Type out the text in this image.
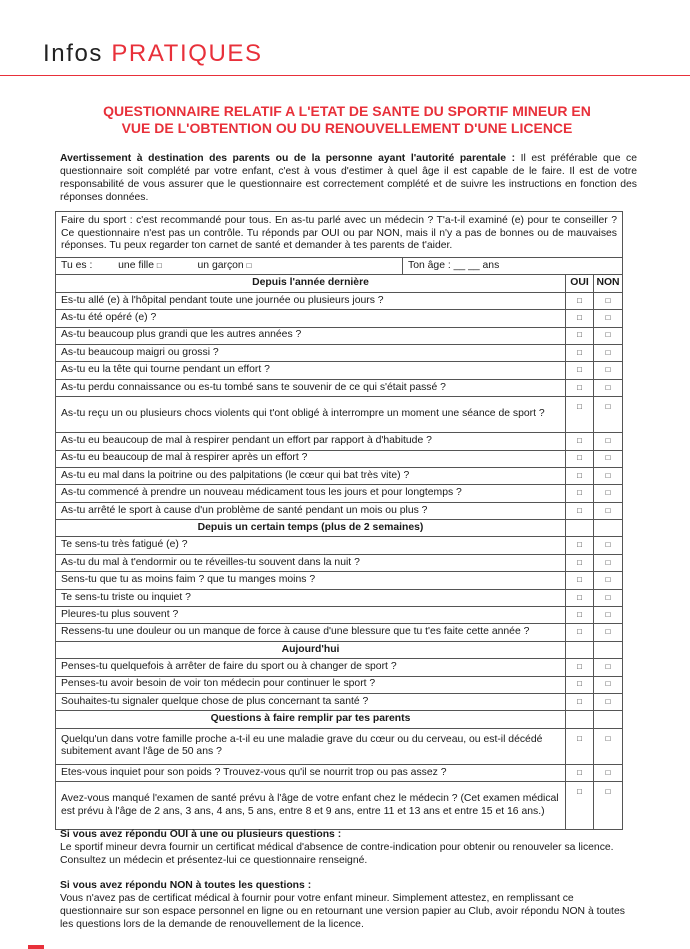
Infos PRATIQUES
QUESTIONNAIRE RELATIF A L'ETAT DE SANTE DU SPORTIF MINEUR EN
VUE DE L'OBTENTION OU DU RENOUVELLEMENT D'UNE LICENCE
Avertissement à destination des parents ou de la personne ayant l'autorité parentale : Il est préférable que ce questionnaire soit complété par votre enfant, c'est à vous d'estimer à quel âge il est capable de le faire. Il est de votre responsabilité de vous assurer que le questionnaire est correctement complété et de suivre les instructions en fonction des réponses données.
Faire du sport : c'est recommandé pour tous. En as-tu parlé avec un médecin ? T'a-t-il examiné (e) pour te conseiller ? Ce questionnaire n'est pas un contrôle. Tu réponds par OUI ou par NON, mais il n'y a pas de bonnes ou de mauvaises réponses. Tu peux regarder ton carnet de santé et demander à tes parents de t'aider.			
Tu es : une fille □ un garçon □	Ton âge : __ __ ans		
Depuis l'année dernière		OUI	NON
Es-tu allé (e) à l'hôpital pendant toute une journée ou plusieurs jours ?		□	□
As-tu été opéré (e) ?		□	□
As-tu beaucoup plus grandi que les autres années ?		□	□
As-tu beaucoup maigri ou grossi ?		□	□
As-tu eu la tête qui tourne pendant un effort ?		□	□
As-tu perdu connaissance ou es-tu tombé sans te souvenir de ce qui s'était passé ?		□	□
As-tu reçu un ou plusieurs chocs violents qui t'ont obligé à interrompre un moment une séance de sport ?		□	□
As-tu eu beaucoup de mal à respirer pendant un effort par rapport à d'habitude ?		□	□
As-tu eu beaucoup de mal à respirer après un effort ?		□	□
As-tu eu mal dans la poitrine ou des palpitations (le cœur qui bat très vite) ?		□	□
As-tu commencé à prendre un nouveau médicament tous les jours et pour longtemps ?		□	□
As-tu arrêté le sport à cause d'un problème de santé pendant un mois ou plus ?		□	□
Depuis un certain temps (plus de 2 semaines)			
Te sens-tu très fatigué (e) ?		□	□
As-tu du mal à t'endormir ou te réveilles-tu souvent dans la nuit ?		□	□
Sens-tu que tu as moins faim ? que tu manges moins ?		□	□
Te sens-tu triste ou inquiet ?		□	□
Pleures-tu plus souvent ?		□	□
Ressens-tu une douleur ou un manque de force à cause d'une blessure que tu t'es faite cette année ?		□	□
Aujourd'hui			
Penses-tu quelquefois à arrêter de faire du sport ou à changer de sport ?		□	□
Penses-tu avoir besoin de voir ton médecin pour continuer le sport ?		□	□
Souhaites-tu signaler quelque chose de plus concernant ta santé ?		□	□
Questions à faire remplir par tes parents			
Quelqu'un dans votre famille proche a-t-il eu une maladie grave du cœur ou du cerveau, ou est-il décédé subitement avant l'âge de 50 ans ?		□	□
Etes-vous inquiet pour son poids ? Trouvez-vous qu'il se nourrit trop ou pas assez ?		□	□
Avez-vous manqué l'examen de santé prévu à l'âge de votre enfant chez le médecin ? (Cet examen médical est prévu à l'âge de 2 ans, 3 ans, 4 ans, 5 ans, entre 8 et 9 ans, entre 11 et 13 ans et entre 15 et 16 ans.)		□	□
Si vous avez répondu OUI à une ou plusieurs questions :
Le sportif mineur devra fournir un certificat médical d'absence de contre-indication pour obtenir ou renouveler sa licence. Consultez un médecin et présentez-lui ce questionnaire renseigné.
Si vous avez répondu NON à toutes les questions :
Vous n'avez pas de certificat médical à fournir pour votre enfant mineur. Simplement attestez, en remplissant ce questionnaire sur son espace personnel en ligne ou en retournant une version papier au Club, avoir répondu NON à toutes les questions lors de la demande de renouvellement de la licence.
